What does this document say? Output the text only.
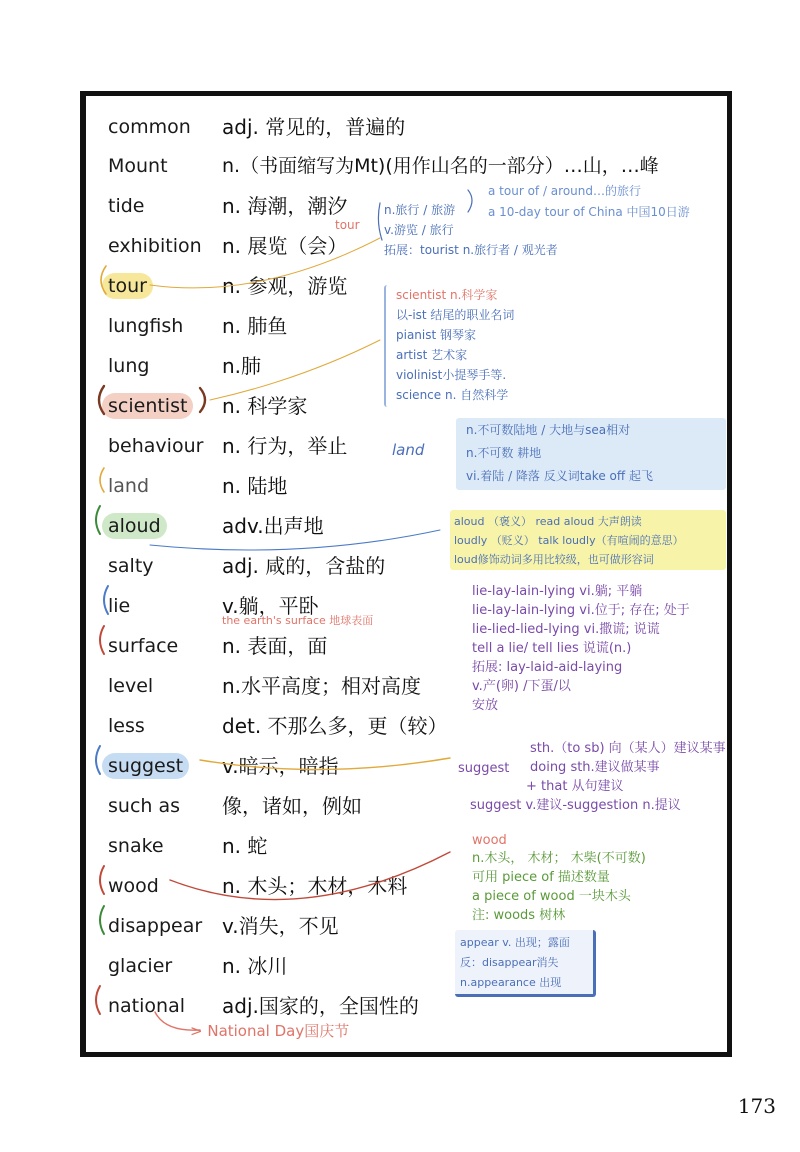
common adj. 常见的，普遍的
Mount	n.（书面缩写为Mt)(用作山名的一部分）…山，…峰
tide	n. 海潮，潮汐
exhibition n. 展览（会）
tour	n. 参观，游览
lungfish n. 肺鱼
lung	n.肺
scientist	n. 科学家
behaviour n. 行为，举止
land	n. 陆地
aloud	adv.出声地
salty	adj. 咸的，含盐的
lie	v.躺，平卧
surface n. 表面，面
level	n.水平高度；相对高度
less	det. 不那么多，更（较）
suggest	v.暗示，暗指
such as 像，诸如，例如
snake	n. 蛇
wood	n. 木头；木材，木料
disappear v.消失，不见
glacier n. 冰川
national adj.国家的，全国性的
tour
n.旅行 / 旅游
v.游览 / 旅行
拓展：tourist n.旅行者 / 观光者
a tour of / around…的旅行
a 10-day tour of China 中国10日游
scientist n.科学家
以-ist 结尾的职业名词
pianist 钢琴家
artist 艺术家
violinist小提琴手等.
science n. 自然科学
land
n.不可数陆地 / 大地与sea相对
n.不可数 耕地
vi.着陆 / 降落 反义词take off 起飞
aloud （褒义） read aloud 大声朗读
loudly （贬义） talk loudly（有喧闹的意思）
loud修饰动词多用比较级，也可做形容词
the earth's surface 地球表面
lie-lay-lain-lying vi.躺; 平躺
lie-lay-lain-lying vi.位于; 存在; 处于
lie-lied-lied-lying vi.撒谎; 说谎
tell a lie/ tell lies 说谎(n.)
拓展: lay-laid-aid-laying
v.产(卵) /下蛋/以
安放
suggest
sth.（to sb) 向（某人）建议某事
doing sth.建议做某事
+ that 从句建议
suggest v.建议-suggestion n.提议
wood
n.木头， 木材； 木柴(不可数)
可用 piece of 描述数量
a piece of wood 一块木头
注: woods 树林
appear v. 出现；露面
反：disappear消失
n.appearance 出现
> National Day国庆节
173
